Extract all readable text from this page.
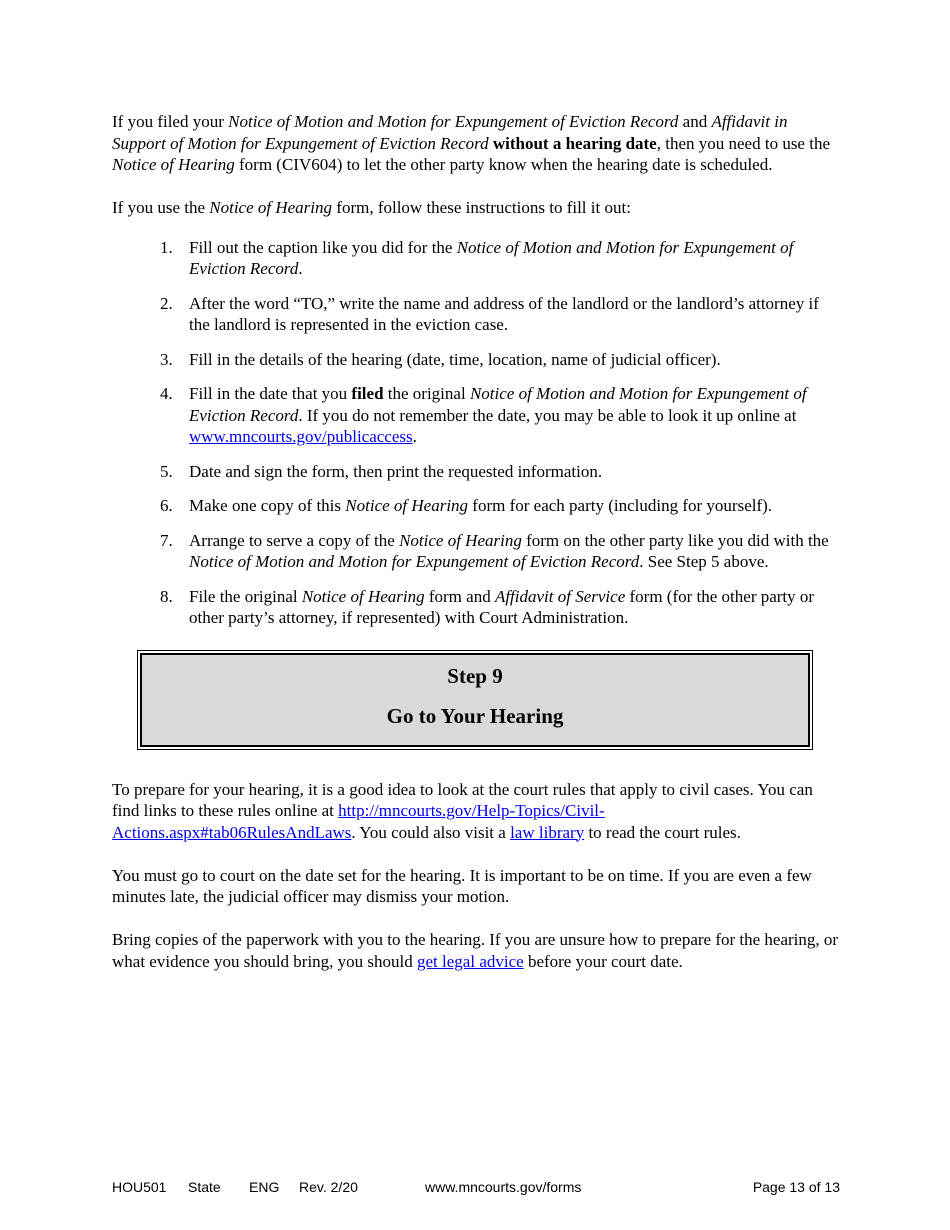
If you filed your Notice of Motion and Motion for Expungement of Eviction Record and Affidavit in Support of Motion for Expungement of Eviction Record without a hearing date, then you need to use the Notice of Hearing form (CIV604) to let the other party know when the hearing date is scheduled.

If you use the Notice of Hearing form, follow these instructions to fill it out:

1. Fill out the caption like you did for the Notice of Motion and Motion for Expungement of Eviction Record.
2. After the word “TO,” write the name and address of the landlord or the landlord’s attorney if the landlord is represented in the eviction case.
3. Fill in the details of the hearing (date, time, location, name of judicial officer).
4. Fill in the date that you filed the original Notice of Motion and Motion for Expungement of Eviction Record. If you do not remember the date, you may be able to look it up online at www.mncourts.gov/publicaccess.
5. Date and sign the form, then print the requested information.
6. Make one copy of this Notice of Hearing form for each party (including for yourself).
7. Arrange to serve a copy of the Notice of Hearing form on the other party like you did with the Notice of Motion and Motion for Expungement of Eviction Record. See Step 5 above.
8. File the original Notice of Hearing form and Affidavit of Service form (for the other party or other party’s attorney, if represented) with Court Administration.
Step 9
Go to Your Hearing

To prepare for your hearing, it is a good idea to look at the court rules that apply to civil cases. You can find links to these rules online at http://mncourts.gov/Help-Topics/Civil-Actions.aspx#tab06RulesAndLaws. You could also visit a law library to read the court rules.

You must go to court on the date set for the hearing. It is important to be on time. If you are even a few minutes late, the judicial officer may dismiss your motion.

Bring copies of the paperwork with you to the hearing. If you are unsure how to prepare for the hearing, or what evidence you should bring, you should get legal advice before your court date.

HOU501 State ENG Rev. 2/20	www.mncourts.gov/forms	Page 13 of 13
